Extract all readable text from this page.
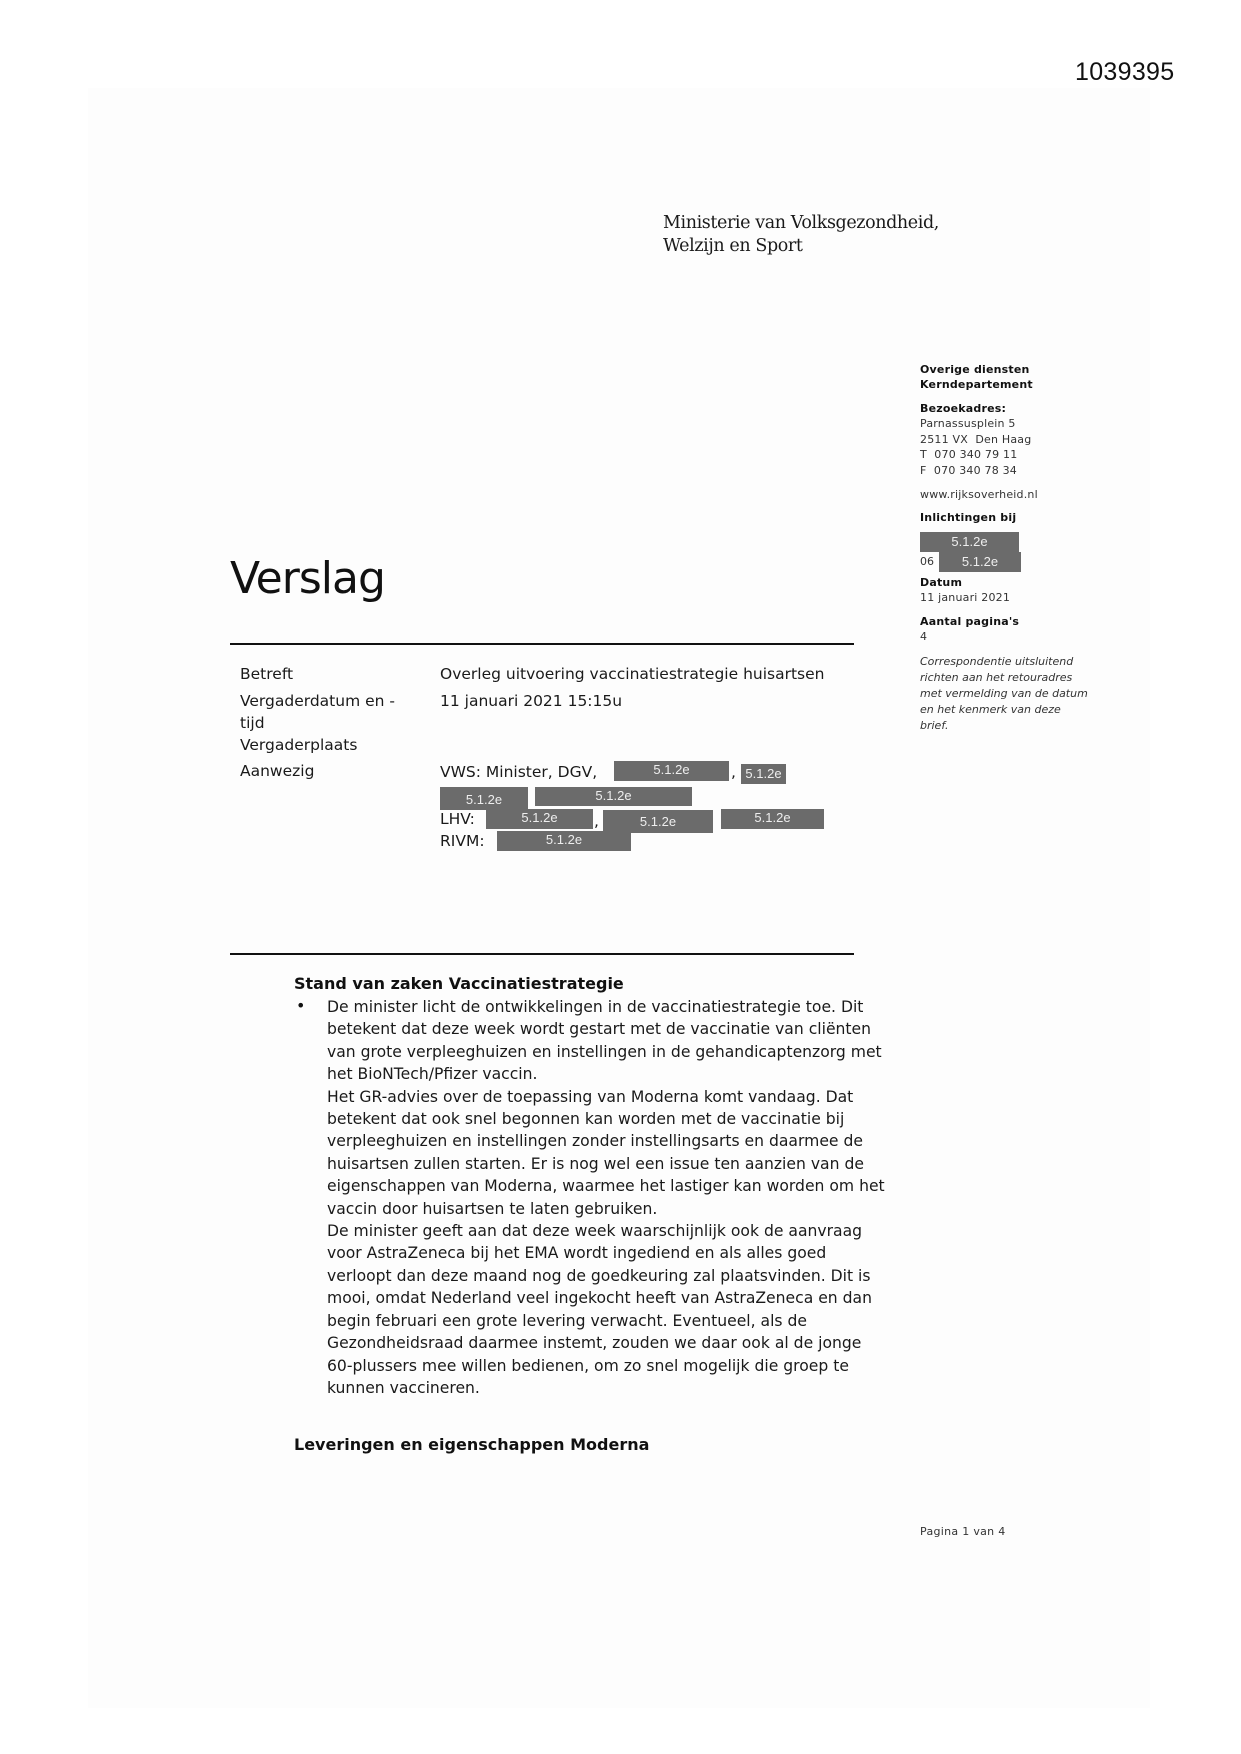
1039395
Ministerie van Volksgezondheid,
Welzijn en Sport
Overige diensten
Kerndepartement
Bezoekadres:
Parnassusplein 5
2511 VX  Den Haag
T  070 340 79 11
F  070 340 78 34
www.rijksoverheid.nl
Inlichtingen bij
5.1.2e
06 5.1.2e
Datum
11 januari 2021
Aantal pagina's
4
Correspondentie uitsluitend
richten aan het retouradres
met vermelding van de datum
en het kenmerk van deze
brief.
Verslag
Betreft	Overleg uitvoering vaccinatiestrategie huisartsen
Vergaderdatum en -
tijd
11 januari 2021 15:15u
Vergaderplaats
Aanwezig	VWS: Minister, DGV,	5.1.2e	, 5.1.2e
5.1.2e	5.1.2e
LHV:	5.1.2e	,	5.1.2e	5.1.2e
RIVM:	5.1.2e
Stand van zaken Vaccinatiestrategie
• De minister licht de ontwikkelingen in de vaccinatiestrategie toe. Dit

betekent dat deze week wordt gestart met de vaccinatie van cliënten

van grote verpleeghuizen en instellingen in de gehandicaptenzorg met

het BioNTech/Pfizer vaccin.

Het GR-advies over de toepassing van Moderna komt vandaag. Dat

betekent dat ook snel begonnen kan worden met de vaccinatie bij

verpleeghuizen en instellingen zonder instellingsarts en daarmee de

huisartsen zullen starten. Er is nog wel een issue ten aanzien van de

eigenschappen van Moderna, waarmee het lastiger kan worden om het

vaccin door huisartsen te laten gebruiken.

De minister geeft aan dat deze week waarschijnlijk ook de aanvraag

voor AstraZeneca bij het EMA wordt ingediend en als alles goed

verloopt dan deze maand nog de goedkeuring zal plaatsvinden. Dit is

mooi, omdat Nederland veel ingekocht heeft van AstraZeneca en dan

begin februari een grote levering verwacht. Eventueel, als de

Gezondheidsraad daarmee instemt, zouden we daar ook al de jonge

60-plussers mee willen bedienen, om zo snel mogelijk die groep te

kunnen vaccineren.

Leveringen en eigenschappen Moderna
Pagina 1 van 4
